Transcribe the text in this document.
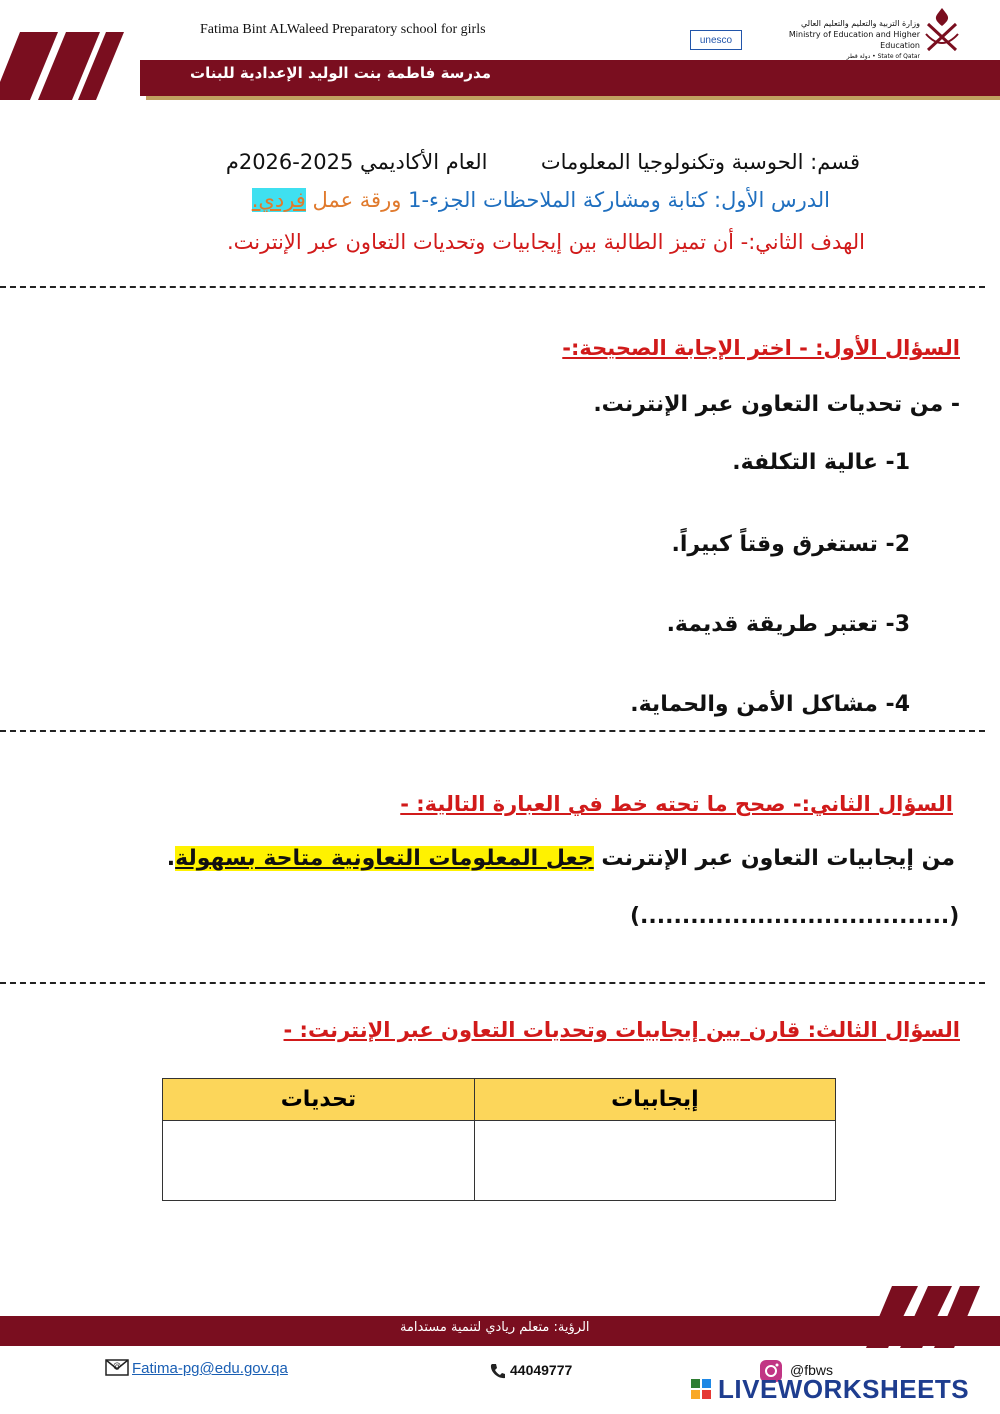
Fatima Bint ALWaleed Preparatory school for girls
unesco
وزارة التربية والتعليم والتعليم العالي
Ministry of Education and Higher Education
State of Qatar • دولة قطر
مدرسة فاطمة بنت الوليد الإعدادية للبنات
قسم: الحوسبة وتكنولوجيا المعلومات  العام الأكاديمي 2025-2026م
الدرس الأول: كتابة ومشاركة الملاحظات الجزء-1 ورقة عمل فردي.
الهدف الثاني:- أن تميز الطالبة بين إيجابيات وتحديات التعاون عبر الإنترنت.
السؤال الأول: - اختر الإجابة الصحيحة:-
- من تحديات التعاون عبر الإنترنت.
1- عالية التكلفة.
2- تستغرق وقتاً كبيراً.
3- تعتبر طريقة قديمة.
4- مشاكل الأمن والحماية.
السؤال الثاني:- صحح ما تحته خط في العبارة التالية: -
من إيجابيات التعاون عبر الإنترنت جعل المعلومات التعاونية متاحة بسهولة.
(.....................................)
السؤال الثالث: قارن بين إيجابيات وتحديات التعاون عبر الإنترنت: -
تحديات	إيجابيات

الرؤية: متعلم ريادي لتنمية مستدامة
@ Fatima-pg@edu.gov.qa	44049777	@fbws
LIVEWORKSHEETS
